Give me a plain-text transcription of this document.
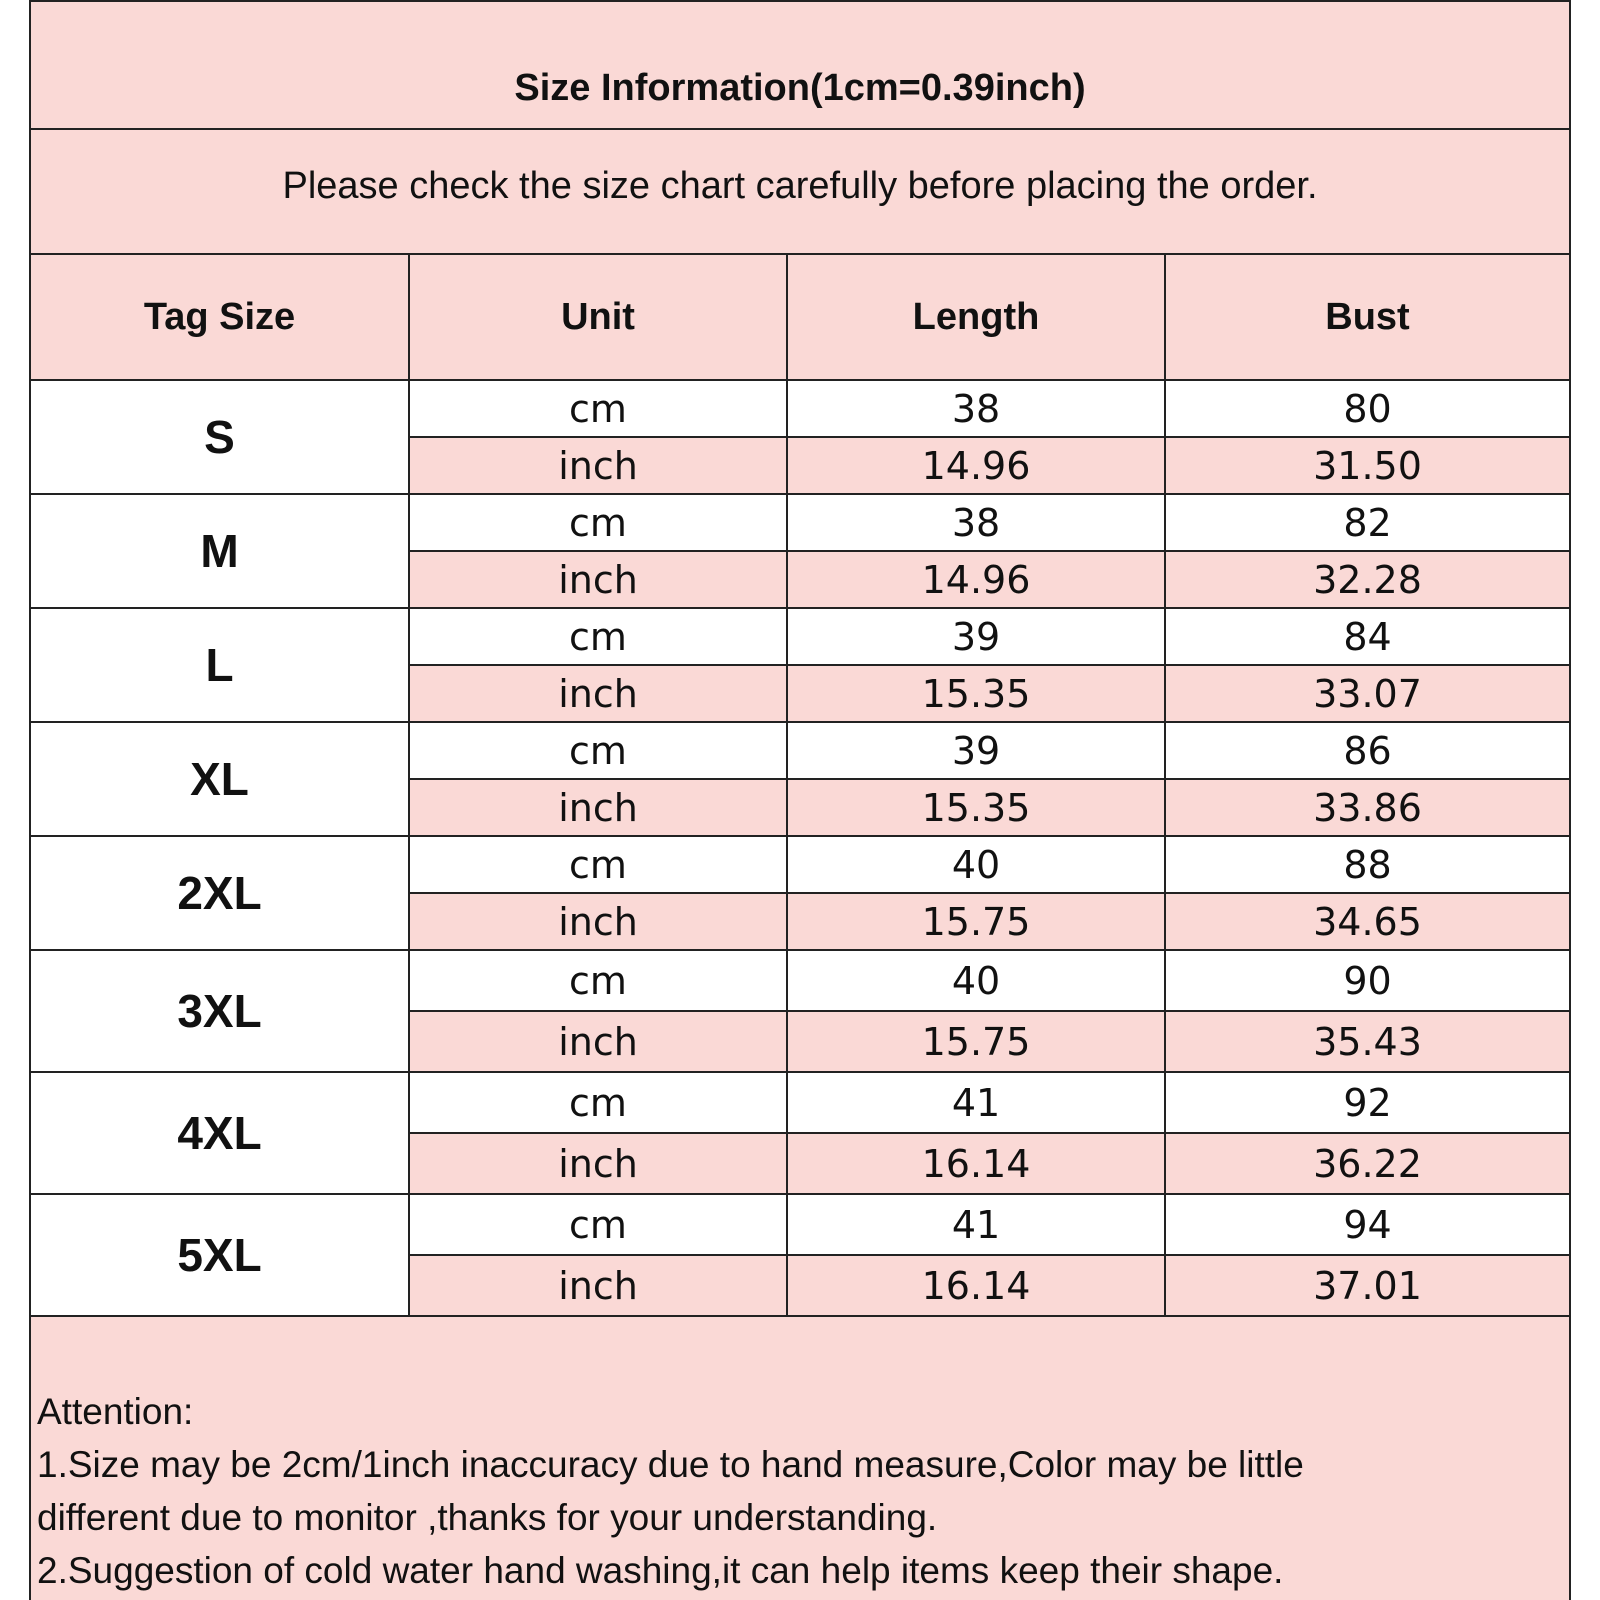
Size Information(1cm=0.39inch)
Please check the size chart carefully before placing the order.
Tag Size	Unit	Length	Bust
S	cm	38	80
	inch	14.96	31.50
M	cm	38	82
	inch	14.96	32.28
L	cm	39	84
	inch	15.35	33.07
XL	cm	39	86
	inch	15.35	33.86
2XL	cm	40	88
	inch	15.75	34.65
3XL	cm	40	90
	inch	15.75	35.43
4XL	cm	41	92
	inch	16.14	36.22
5XL	cm	41	94
	inch	16.14	37.01
Attention:
1.Size may be 2cm/1inch inaccuracy due to hand measure,Color may be little
different due to monitor ,thanks for your understanding.
2.Suggestion of cold water hand washing,it can help items keep their shape.
